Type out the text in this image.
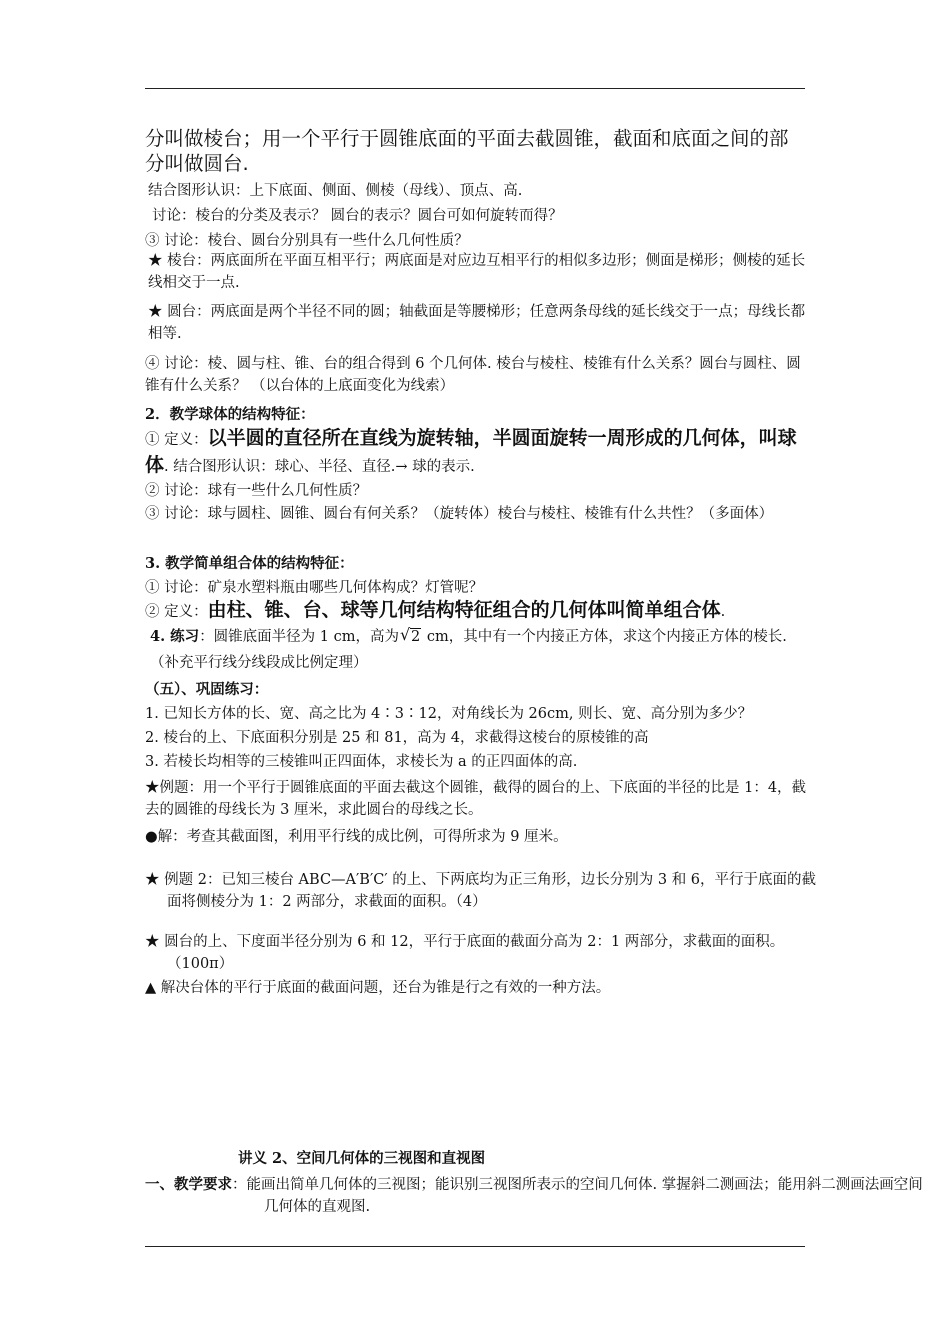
分叫做棱台；用一个平行于圆锥底面的平面去截圆锥，截面和底面之间的部分叫做圆台.
结合图形认识：上下底面、侧面、侧棱（母线）、顶点、高.
讨论：棱台的分类及表示？ 圆台的表示？圆台可如何旋转而得？
③ 讨论：棱台、圆台分别具有一些什么几何性质？
★ 棱台：两底面所在平面互相平行；两底面是对应边互相平行的相似多边形；侧面是梯形；侧棱的延长线相交于一点.
★ 圆台：两底面是两个半径不同的圆；轴截面是等腰梯形；任意两条母线的延长线交于一点；母线长都相等.
④ 讨论：棱、圆与柱、锥、台的组合得到 6 个几何体. 棱台与棱柱、棱锥有什么关系？圆台与圆柱、圆锥有什么关系？ （以台体的上底面变化为线索）
2．教学球体的结构特征：
① 定义：以半圆的直径所在直线为旋转轴，半圆面旋转一周形成的几何体，叫球体. 结合图形认识：球心、半径、直径.→ 球的表示.
② 讨论：球有一些什么几何性质？
③ 讨论：球与圆柱、圆锥、圆台有何关系？（旋转体）棱台与棱柱、棱锥有什么共性？（多面体）
3. 教学简单组合体的结构特征：
① 讨论：矿泉水塑料瓶由哪些几何体构成？灯管呢？
② 定义：由柱、锥、台、球等几何结构特征组合的几何体叫简单组合体.
4. 练习：圆锥底面半径为 1 cm，高为 √ 2 cm，其中有一个内接正方体，求这个内接正方体的棱长.（补充平行线分线段成比例定理）
（五）、巩固练习：
1. 已知长方体的长、宽、高之比为 4∶3∶12，对角线长为 26cm, 则长、宽、高分别为多少？
2. 棱台的上、下底面积分别是 25 和 81，高为 4，求截得这棱台的原棱锥的高
3. 若棱长均相等的三棱锥叫正四面体，求棱长为 a 的正四面体的高.
★例题：用一个平行于圆锥底面的平面去截这个圆锥，截得的圆台的上、下底面的半径的比是 1：4，截去的圆锥的母线长为 3 厘米，求此圆台的母线之长。
●解：考查其截面图，利用平行线的成比例，可得所求为 9 厘米。
★ 例题 2：已知三棱台 ABC—A′B′C′ 的上、下两底均为正三角形，边长分别为 3 和 6，平行于底面的截面将侧棱分为 1：2 两部分，求截面的面积。（4）
★ 圆台的上、下度面半径分别为 6 和 12，平行于底面的截面分高为 2：1 两部分，求截面的面积。（100π）
▲ 解决台体的平行于底面的截面问题，还台为锥是行之有效的一种方法。
讲义 2、空间几何体的三视图和直视图
一、教学要求：能画出简单几何体的三视图；能识别三视图所表示的空间几何体. 掌握斜二测画法；能用斜二测画法画空间几何体的直观图.
